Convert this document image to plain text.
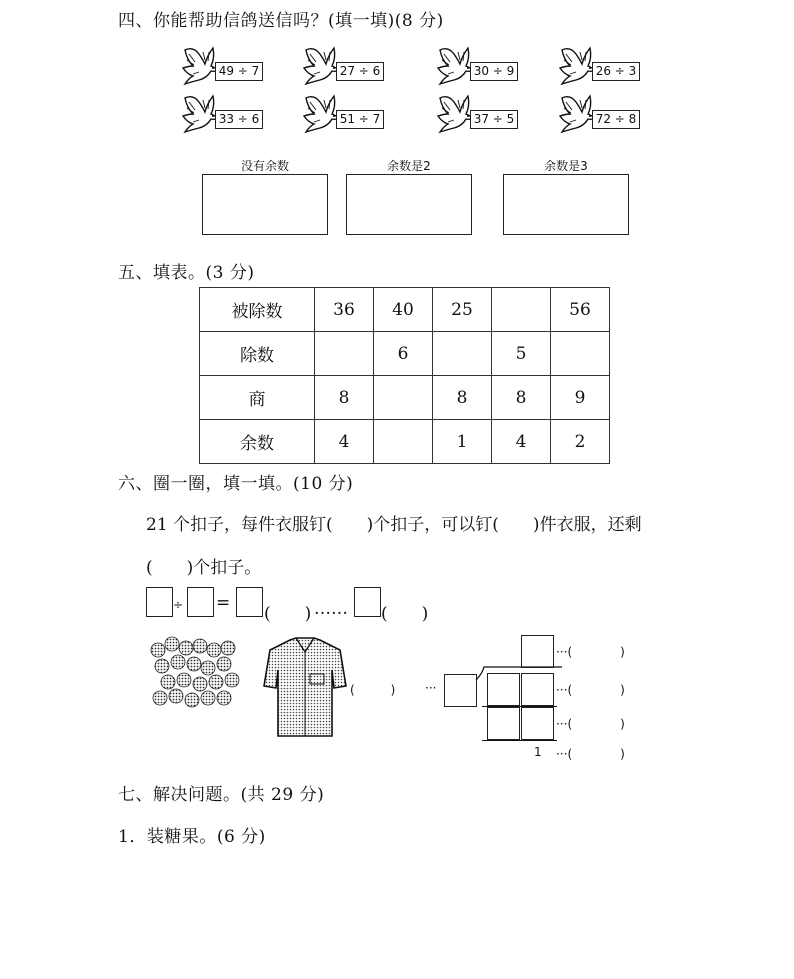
四、你能帮助信鸽送信吗？(填一填)(8 分)
49 ÷ 7	27 ÷ 6	30 ÷ 9	26 ÷ 3
33 ÷ 6	51 ÷ 7	37 ÷ 5	72 ÷ 8
没有余数	余数是2	余数是3
五、填表。(3 分)
被除数	36	40	25		56
除数		6		5	
商	8		8	8	9
余数	4		1	4	2
六、圈一圈，填一填。(10 分)
21 个扣子，每件衣服钉(　　)个扣子，可以钉(　　)件衣服，还剩
(　　)个扣子。
÷ =
(　　) …… (　　)
(　　　) ···
1
···(　　　　)
···(　　　　)
···(　　　　)
···(　　　　)
七、解决问题。(共 29 分)
1．装糖果。(6 分)
